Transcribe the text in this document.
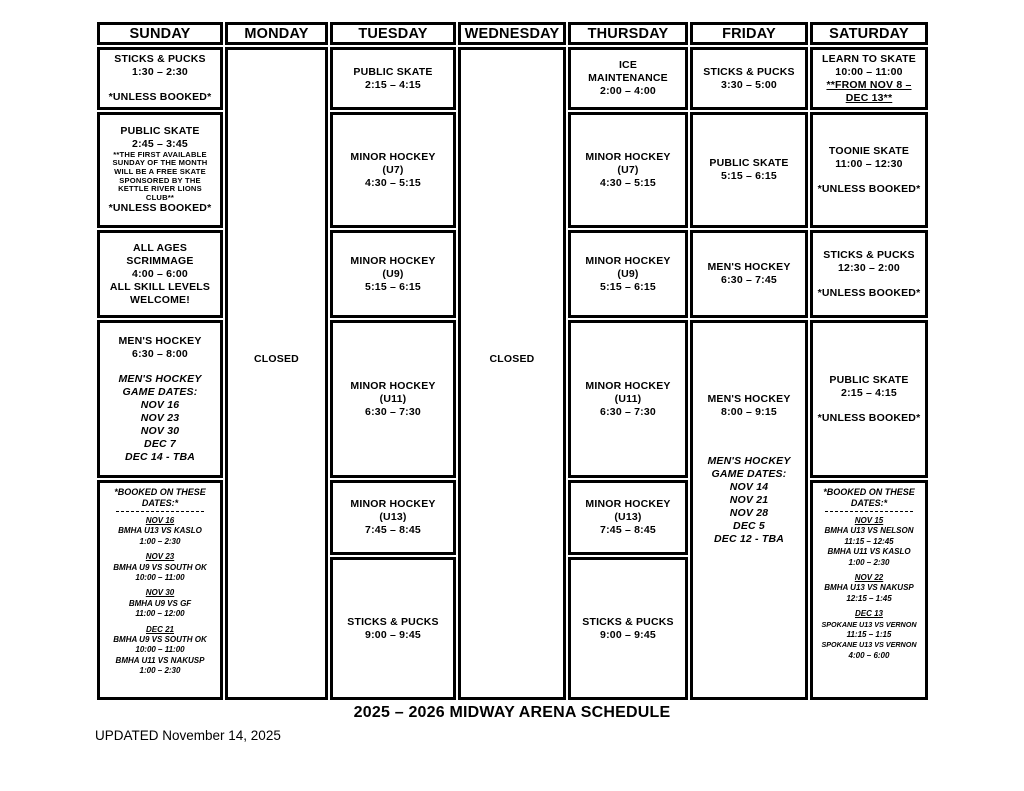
SUNDAY
STICKS & PUCKS
1:30 – 2:30
*UNLESS BOOKED*
PUBLIC SKATE
2:45 – 3:45
**THE FIRST AVAILABLE
SUNDAY OF THE MONTH
WILL BE A FREE SKATE
SPONSORED BY THE
KETTLE RIVER LIONS
CLUB**
*UNLESS BOOKED*
ALL AGES
SCRIMMAGE
4:00 – 6:00
ALL SKILL LEVELS
WELCOME!
MEN'S HOCKEY
6:30 – 8:00
MEN'S HOCKEY
GAME DATES:
NOV 16
NOV 23
NOV 30
DEC 7
DEC 14 - TBA
*BOOKED ON THESE DATES:*
NOV 16
BMHA U13 VS KASLO
1:00 – 2:30
NOV 23
BMHA U9 VS SOUTH OK
10:00 – 11:00
NOV 30
BMHA U9 VS GF
11:00 – 12:00
DEC 21
BMHA U9 VS SOUTH OK
10:00 – 11:00
BMHA U11 VS NAKUSP
1:00 – 2:30
MONDAY
CLOSED
TUESDAY
PUBLIC SKATE
2:15 – 4:15
MINOR HOCKEY
(U7)
4:30 – 5:15
MINOR HOCKEY
(U9)
5:15 – 6:15
MINOR HOCKEY
(U11)
6:30 – 7:30
MINOR HOCKEY
(U13)
7:45 – 8:45
STICKS & PUCKS
9:00 – 9:45
WEDNESDAY
CLOSED
THURSDAY
ICE
MAINTENANCE
2:00 – 4:00
MINOR HOCKEY
(U7)
4:30 – 5:15
MINOR HOCKEY
(U9)
5:15 – 6:15
MINOR HOCKEY
(U11)
6:30 – 7:30
MINOR HOCKEY
(U13)
7:45 – 8:45
STICKS & PUCKS
9:00 – 9:45
FRIDAY
STICKS & PUCKS
3:30 – 5:00
PUBLIC SKATE
5:15 – 6:15
MEN'S HOCKEY
6:30 – 7:45
MEN'S HOCKEY
8:00 – 9:15
MEN'S HOCKEY
GAME DATES:
NOV 14
NOV 21
NOV 28
DEC 5
DEC 12 - TBA
SATURDAY
LEARN TO SKATE
10:00 – 11:00
**FROM NOV 8 –
DEC 13**
TOONIE SKATE
11:00 – 12:30
*UNLESS BOOKED*
STICKS & PUCKS
12:30 – 2:00
*UNLESS BOOKED*
PUBLIC SKATE
2:15 – 4:15
*UNLESS BOOKED*
*BOOKED ON THESE DATES:*
NOV 15
BMHA U13 VS NELSON
11:15 – 12:45
BMHA U11 VS KASLO
1:00 – 2:30
NOV 22
BMHA U13 VS NAKUSP
12:15 – 1:45
DEC 13
SPOKANE U13 VS VERNON
11:15 – 1:15
SPOKANE U13 VS VERNON
4:00 – 6:00
2025 – 2026 MIDWAY ARENA SCHEDULE
UPDATED November 14, 2025
